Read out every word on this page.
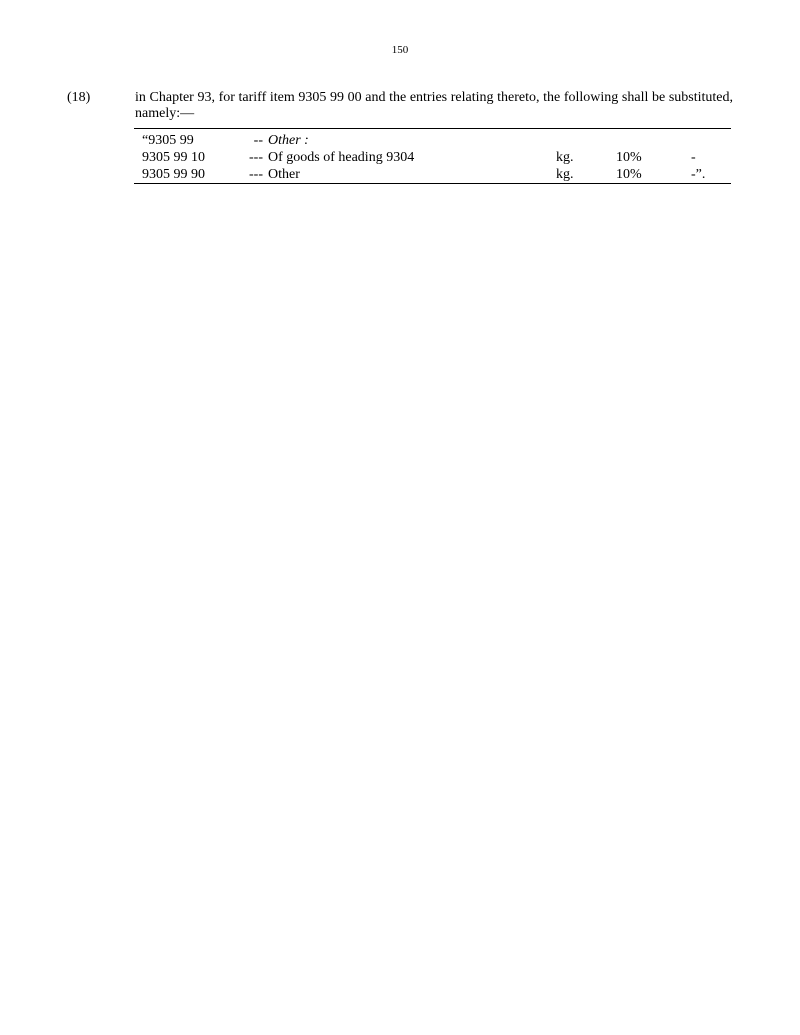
150
(18)	in Chapter 93, for tariff item 9305 99 00 and the entries relating thereto, the following shall be substituted, namely:—
“9305 99	--	Other :			
9305 99 10	---	Of goods of heading 9304	kg.	10%	-
9305 99 90	---	Other	kg.	10%	-”.
